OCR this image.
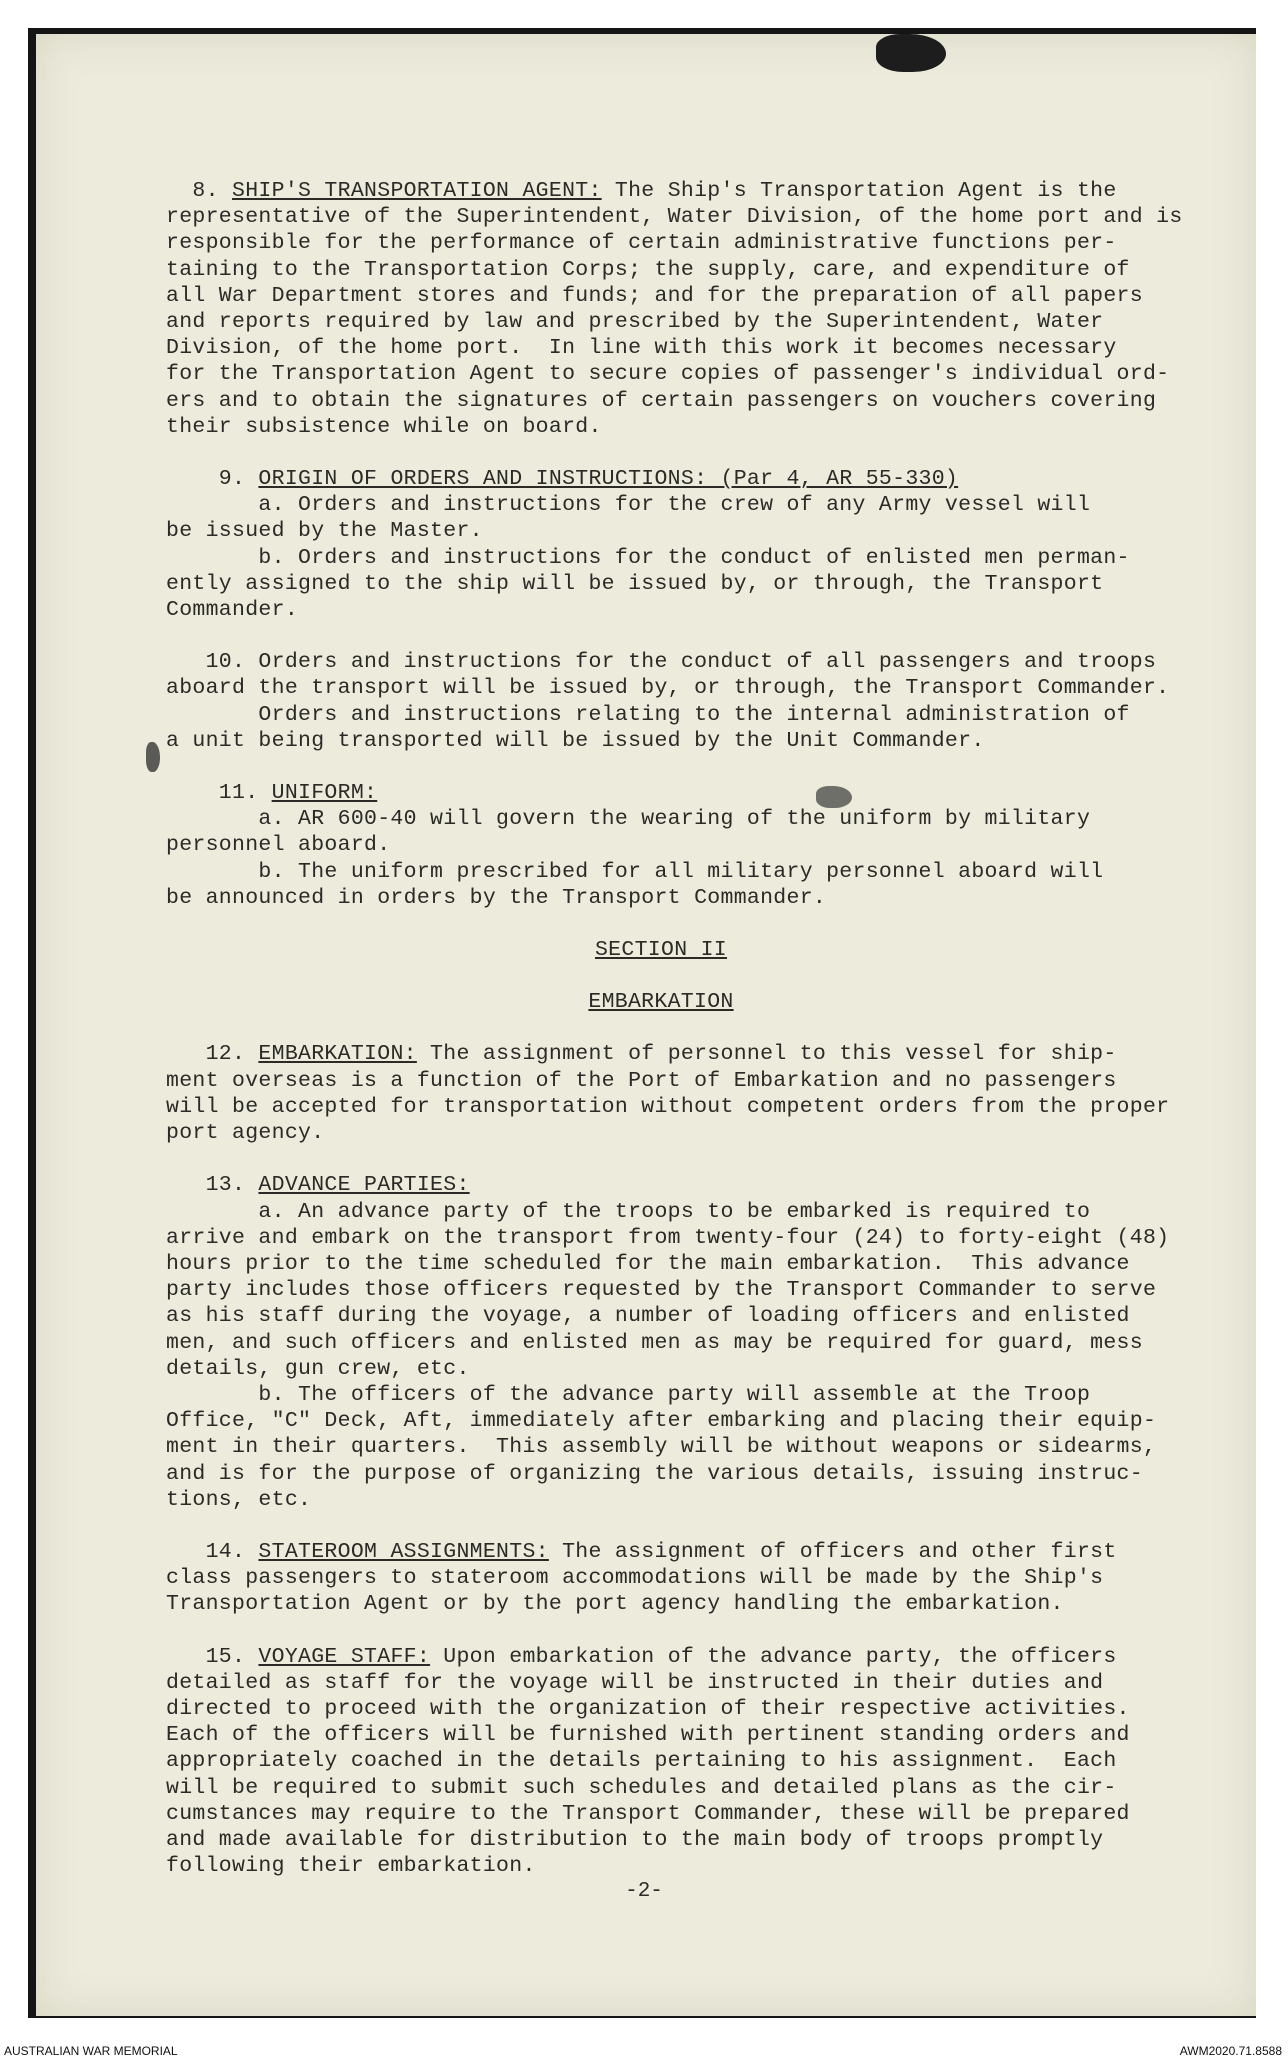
8. SHIP'S TRANSPORTATION AGENT: The Ship's Transportation Agent is the

representative of the Superintendent, Water Division, of the home port and is

responsible for the performance of certain administrative functions per-

taining to the Transportation Corps; the supply, care, and expenditure of

all War Department stores and funds; and for the preparation of all papers

and reports required by law and prescribed by the Superintendent, Water

Division, of the home port.  In line with this work it becomes necessary

for the Transportation Agent to secure copies of passenger's individual ord-

ers and to obtain the signatures of certain passengers on vouchers covering

their subsistence while on board.

9. ORIGIN OF ORDERS AND INSTRUCTIONS: (Par 4, AR 55-330)

a. Orders and instructions for the crew of any Army vessel will

be issued by the Master.

b. Orders and instructions for the conduct of enlisted men perman-

ently assigned to the ship will be issued by, or through, the Transport

Commander.

10. Orders and instructions for the conduct of all passengers and troops

aboard the transport will be issued by, or through, the Transport Commander.

Orders and instructions relating to the internal administration of

a unit being transported will be issued by the Unit Commander.

11. UNIFORM:

a. AR 600-40 will govern the wearing of the uniform by military

personnel aboard.

b. The uniform prescribed for all military personnel aboard will

be announced in orders by the Transport Commander.

SECTION II

EMBARKATION

12. EMBARKATION: The assignment of personnel to this vessel for ship-

ment overseas is a function of the Port of Embarkation and no passengers

will be accepted for transportation without competent orders from the proper

port agency.

13. ADVANCE PARTIES:

a. An advance party of the troops to be embarked is required to

arrive and embark on the transport from twenty-four (24) to forty-eight (48)

hours prior to the time scheduled for the main embarkation.  This advance

party includes those officers requested by the Transport Commander to serve

as his staff during the voyage, a number of loading officers and enlisted

men, and such officers and enlisted men as may be required for guard, mess

details, gun crew, etc.

b. The officers of the advance party will assemble at the Troop

Office, "C" Deck, Aft, immediately after embarking and placing their equip-

ment in their quarters.  This assembly will be without weapons or sidearms,

and is for the purpose of organizing the various details, issuing instruc-

tions, etc.

14. STATEROOM ASSIGNMENTS: The assignment of officers and other first

class passengers to stateroom accommodations will be made by the Ship's

Transportation Agent or by the port agency handling the embarkation.

15. VOYAGE STAFF: Upon embarkation of the advance party, the officers

detailed as staff for the voyage will be instructed in their duties and

directed to proceed with the organization of their respective activities.

Each of the officers will be furnished with pertinent standing orders and

appropriately coached in the details pertaining to his assignment.  Each

will be required to submit such schedules and detailed plans as the cir-

cumstances may require to the Transport Commander, these will be prepared

and made available for distribution to the main body of troops promptly

following their embarkation.

-2-
AUSTRALIAN WAR MEMORIAL	AWM2020.71.8588
